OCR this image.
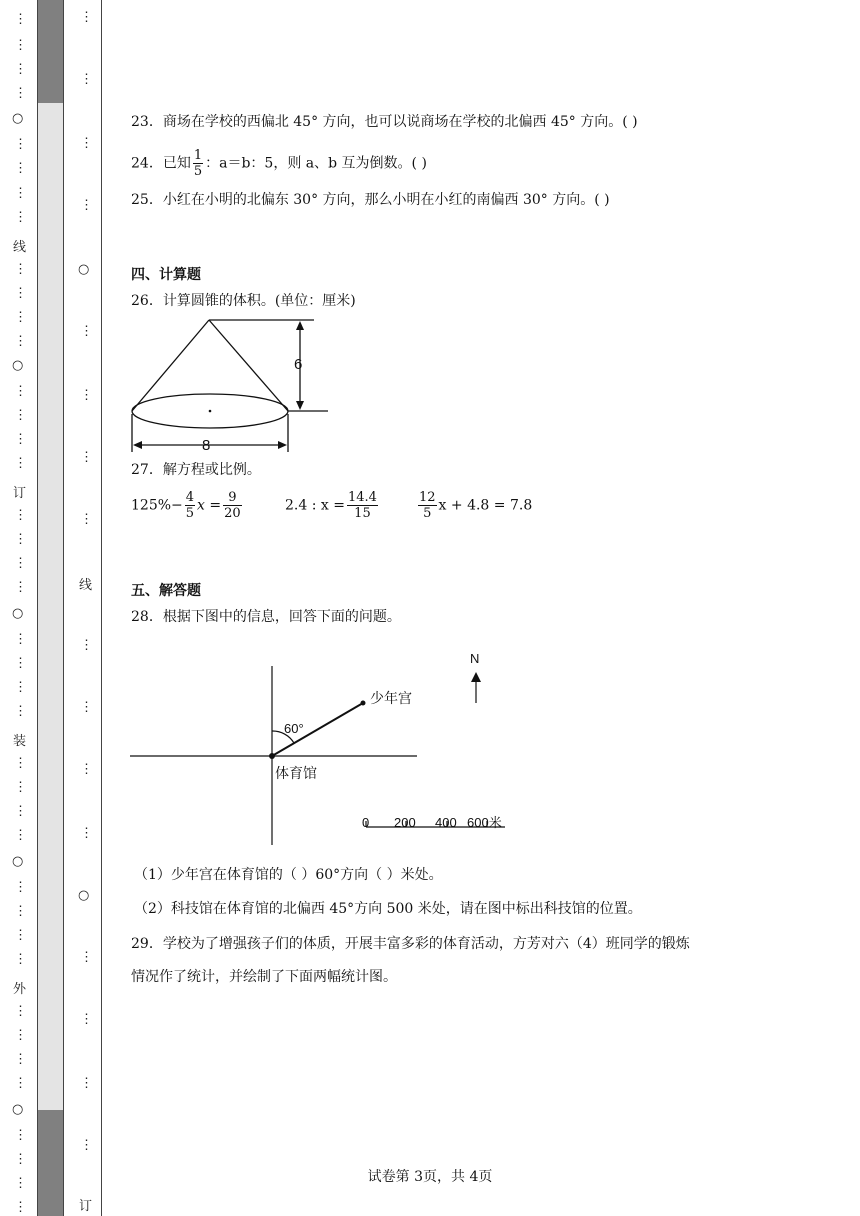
⋮
⋮
⋮
⋮
○
⋮
⋮
⋮
⋮
线
⋮
⋮
⋮
⋮
○
⋮
⋮
⋮
⋮
订
⋮
⋮
⋮
⋮
○
⋮
⋮
⋮
⋮
装
⋮
⋮
⋮
⋮
○
⋮
⋮
⋮
⋮
外
⋮
⋮
⋮
⋮
○
⋮
⋮
⋮
⋮
⋮
⋮
⋮
⋮
○
⋮
⋮
⋮
⋮
线
⋮
⋮
⋮
⋮
○
⋮
⋮
⋮
⋮
订
23．商场在学校的西偏北 45° 方向，也可以说商场在学校的北偏西 45° 方向。( )
24．已知 $\frac{1}{5}$ ：a＝b：5，则 a、b 互为倒数。( )
25．小红在小明的北偏东 30° 方向，那么小明在小红的南偏西 30° 方向。( )
四、计算题
26．计算圆锥的体积。(单位：厘米)
6
8
27．解方程或比例。
$125\%- \frac{4}{5}$ $x = \frac{9}{20}$	2.4 : $x = \frac{14.4}{15}$	$\frac{12}{5}$ x + 4.8 = 7.8
五、解答题
28．根据下图中的信息，回答下面的问题。
N
少年宫
体育馆
60°
0 200 400 600米
（1）少年宫在体育馆的（ ）60°方向（ ）米处。
（2）科技馆在体育馆的北偏西 45°方向 500 米处，请在图中标出科技馆的位置。
29．学校为了增强孩子们的体质，开展丰富多彩的体育活动，方芳对六（4）班同学的锻炼
情况作了统计，并绘制了下面两幅统计图。
试卷第 3页，共 4页
